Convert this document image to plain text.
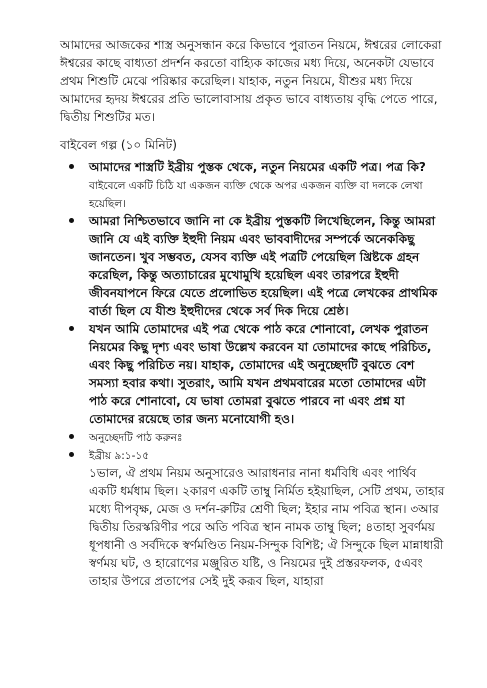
আমাদের আজকের শাস্ত্র অনুসন্ধান করে কিভাবে পুরাতন নিয়মে, ঈশ্বরের লোকেরা ঈশ্বরের কাছে বাধ্যতা প্রদর্শন করতো বাহ্যিক কাজের মধ্য দিয়ে, অনেকটা যেভাবে প্রথম শিশুটি মেঝে পরিষ্কার করেছিল। যাহাক, নতুন নিয়মে, যীশুর মধ্য দিয়ে আমাদের হৃদয় ঈশ্বরের প্রতি ভালোবাসায় প্রকৃত ভাবে বাধ্যতায় বৃদ্ধি পেতে পারে, দ্বিতীয় শিশুটির মত।

বাইবেল গল্প (১০ মিনিট)

আমাদের শাস্ত্রটি ইব্রীয় পুস্তক থেকে, নতুন নিয়মের একটি পত্র। পত্র কি? বাইবেলে একটি চিঠি যা একজন ব্যক্তি থেকে অপর একজন ব্যক্তি বা দলকে লেখা হয়েছিল।
আমরা নিশ্চিতভাবে জানি না কে ইব্রীয় পুস্তকটি লিখেছিলেন, কিন্তু আমরা জানি যে এই ব্যক্তি ইহুদী নিয়ম এবং ভাববাদীদের সম্পর্কে অনেককিছু জানতেন। খুব সম্ভবত, যেসব ব্যক্তি এই পত্রটি পেয়েছিল খ্রিষ্টকে গ্রহন করেছিল, কিন্তু অত্যাচারের মুখোমুখি হয়েছিল এবং তারপরে ইহুদী জীবনযাপনে ফিরে যেতে প্রলোভিত হয়েছিল। এই পত্রে লেখকের প্রাথমিক বার্তা ছিল যে যীশু ইহুদীদের থেকে সর্ব দিক দিয়ে শ্রেষ্ঠ।
যখন আমি তোমাদের এই পত্র থেকে পাঠ করে শোনাবো, লেখক পুরাতন নিয়মের কিছু দৃশ্য এবং ভাষা উল্লেখ করবেন যা তোমাদের কাছে পরিচিত, এবং কিছু পরিচিত নয়। যাহাক, তোমাদের এই অনুচ্ছেদটি বুঝতে বেশ সমস্যা হবার কথা। সুতরাং, আমি যখন প্রথমবারের মতো তোমাদের এটা পাঠ করে শোনাবো, যে ভাষা তোমরা বুঝতে পারবে না এবং প্রশ্ন যা তোমাদের রয়েছে তার জন্য মনোযোগী হও।
অনুচ্ছেদটি পাঠ করুনঃ
ইব্রীয় ৯:১-১৫
১ভাল, ঐ প্রথম নিয়ম অনুসারেও আরাধনার নানা ধর্মবিধি এবং পার্থিব একটি ধর্মধাম ছিল। ২কারণ একটি তাম্বু নির্মিত হইয়াছিল, সেটি প্রথম, তাহার মধ্যে দীপবৃক্ষ, মেজ ও দর্শন-রুটির শ্রেণী ছিল; ইহার নাম পবিত্র স্থান। ৩আর দ্বিতীয় তিরস্করিণীর পরে অতি পবিত্র স্থান নামক তাম্বু ছিল; ৪তাহা সুবর্ণময় ধূপধানী ও সর্বদিকে স্বর্ণমণ্ডিত নিয়ম-সিন্দুক বিশিষ্ট; ঐ সিন্দুকে ছিল মান্নাধারী স্বর্ণময় ঘট, ও হারোণের মঞ্জুরিত যষ্টি, ও নিয়মের দুই প্রস্তরফলক, ৫এবং তাহার উপরে প্রতাপের সেই দুই করূব ছিল, যাহারা
